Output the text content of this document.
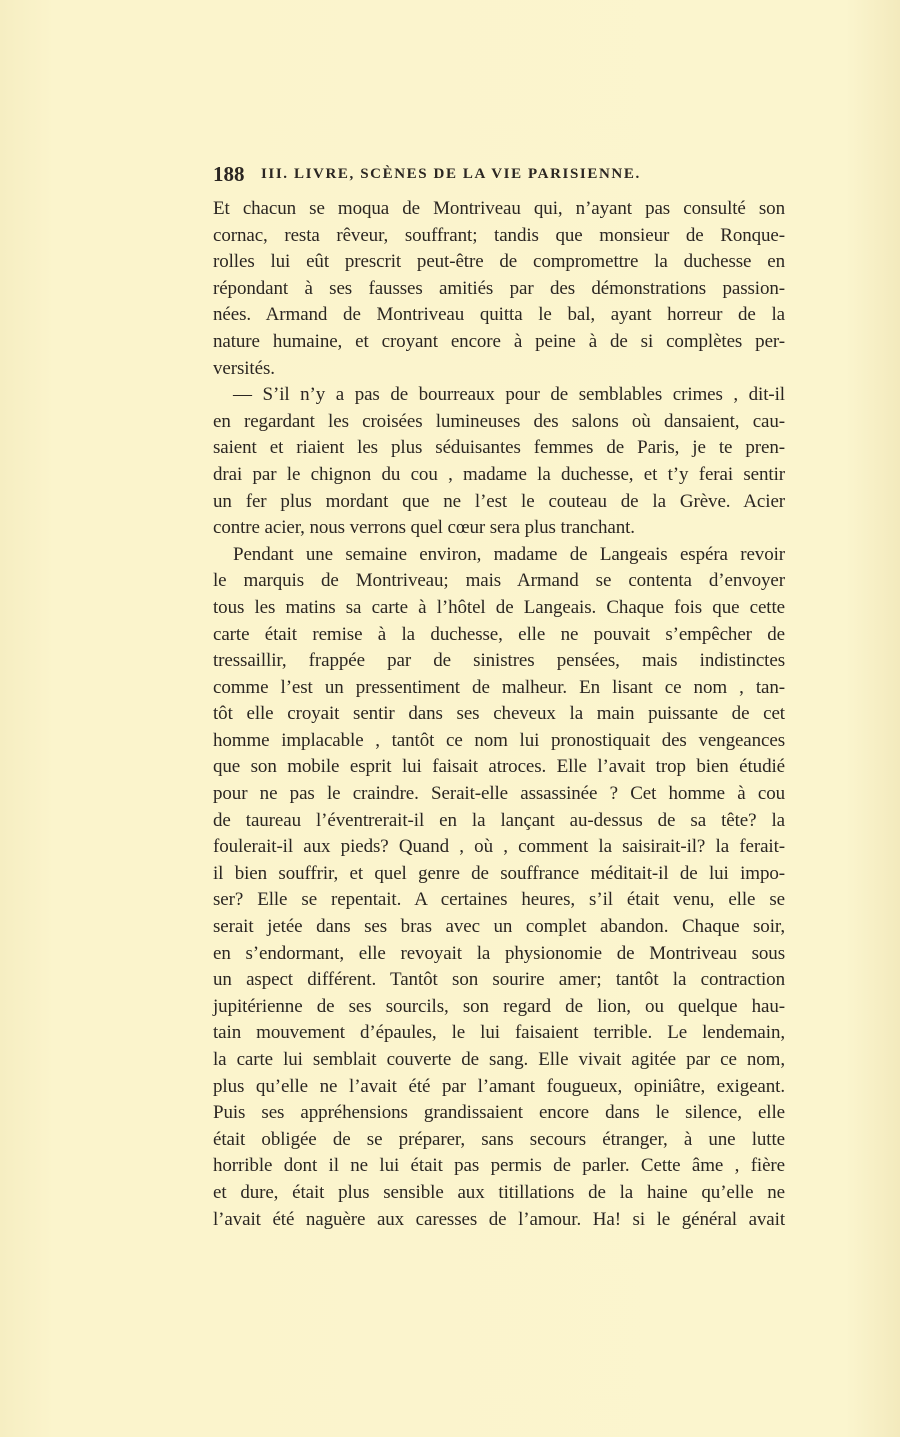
188 III. LIVRE, SCÈNES DE LA VIE PARISIENNE.
Et chacun se moqua de Montriveau qui, n’ayant pas consulté son
cornac, resta rêveur, souffrant; tandis que monsieur de Ronque-
rolles lui eût prescrit peut-être de compromettre la duchesse en
répondant à ses fausses amitiés par des démonstrations passion-
nées. Armand de Montriveau quitta le bal, ayant horreur de la
nature humaine, et croyant encore à peine à de si complètes per-
versités.
— S’il n’y a pas de bourreaux pour de semblables crimes , dit-il
en regardant les croisées lumineuses des salons où dansaient, cau-
saient et riaient les plus séduisantes femmes de Paris, je te pren-
drai par le chignon du cou , madame la duchesse, et t’y ferai sentir
un fer plus mordant que ne l’est le couteau de la Grève. Acier
contre acier, nous verrons quel cœur sera plus tranchant.
Pendant une semaine environ, madame de Langeais espéra revoir
le marquis de Montriveau; mais Armand se contenta d’envoyer
tous les matins sa carte à l’hôtel de Langeais. Chaque fois que cette
carte était remise à la duchesse, elle ne pouvait s’empêcher de
tressaillir, frappée par de sinistres pensées, mais indistinctes
comme l’est un pressentiment de malheur. En lisant ce nom , tan-
tôt elle croyait sentir dans ses cheveux la main puissante de cet
homme implacable , tantôt ce nom lui pronostiquait des vengeances
que son mobile esprit lui faisait atroces. Elle l’avait trop bien étudié
pour ne pas le craindre. Serait-elle assassinée ? Cet homme à cou
de taureau l’éventrerait-il en la lançant au-dessus de sa tête? la
foulerait-il aux pieds? Quand , où , comment la saisirait-il? la ferait-
il bien souffrir, et quel genre de souffrance méditait-il de lui impo-
ser? Elle se repentait. A certaines heures, s’il était venu, elle se
serait jetée dans ses bras avec un complet abandon. Chaque soir,
en s’endormant, elle revoyait la physionomie de Montriveau sous
un aspect différent. Tantôt son sourire amer; tantôt la contraction
jupitérienne de ses sourcils, son regard de lion, ou quelque hau-
tain mouvement d’épaules, le lui faisaient terrible. Le lendemain,
la carte lui semblait couverte de sang. Elle vivait agitée par ce nom,
plus qu’elle ne l’avait été par l’amant fougueux, opiniâtre, exigeant.
Puis ses appréhensions grandissaient encore dans le silence, elle
était obligée de se préparer, sans secours étranger, à une lutte
horrible dont il ne lui était pas permis de parler. Cette âme , fière
et dure, était plus sensible aux titillations de la haine qu’elle ne
l’avait été naguère aux caresses de l’amour. Ha! si le général avait
